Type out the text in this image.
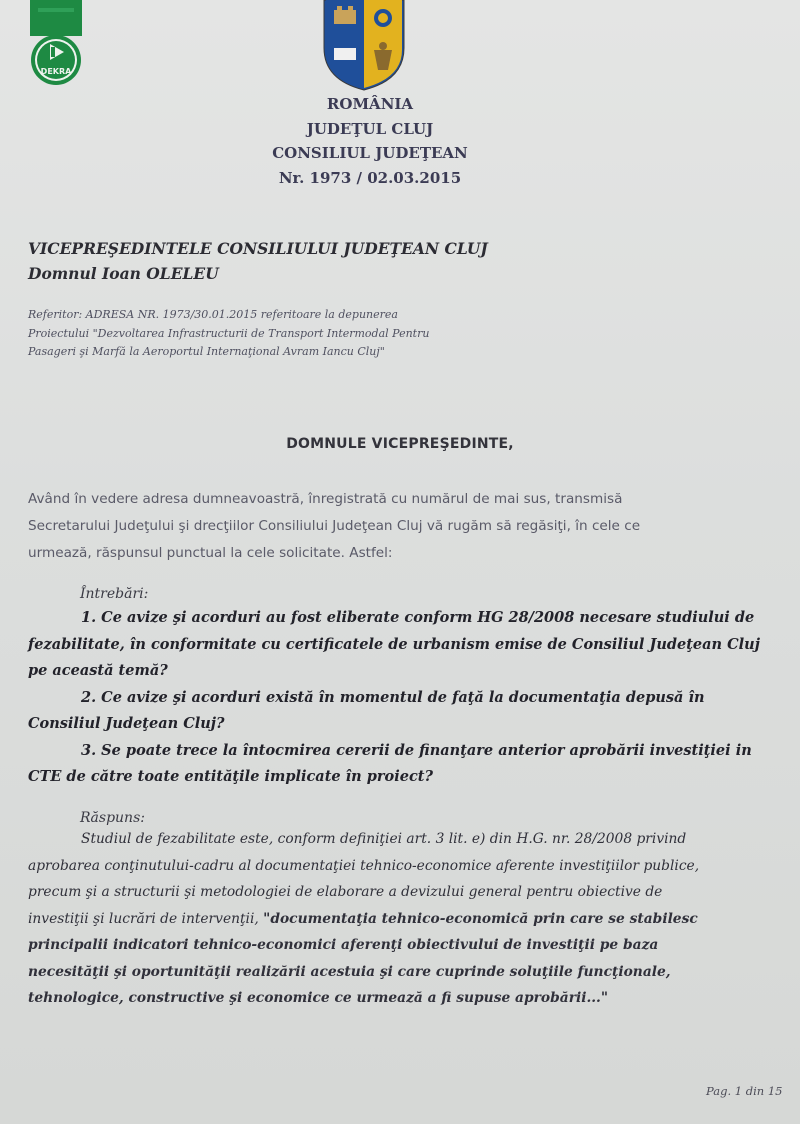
DEKRA
ROMÂNIA
JUDEŢUL CLUJ
CONSILIUL JUDEŢEAN
Nr. 1973 / 02.03.2015
VICEPREŞEDINTELE CONSILIULUI JUDEŢEAN CLUJ
Domnul Ioan OLELEU
Referitor: ADRESA NR. 1973/30.01.2015 referitoare la depunerea
Proiectului "Dezvoltarea Infrastructurii de Transport Intermodal Pentru
Pasageri şi Marfă la Aeroportul Internaţional Avram Iancu Cluj"
DOMNULE VICEPREŞEDINTE,
Având în vedere adresa dumneavoastră, înregistrată cu numărul de mai sus, transmisă
Secretarului Judeţului şi drecţiilor Consiliului Judeţean Cluj vă rugăm să regăsiţi, în cele ce
urmează, răspunsul punctual la cele solicitate. Astfel:
Întrebări:
1. Ce avize şi acorduri au fost eliberate conform HG 28/2008 necesare studiului de
fezabilitate, în conformitate cu certificatele de urbanism emise de Consiliul Judeţean Cluj
pe această temă?
2. Ce avize şi acorduri există în momentul de faţă la documentaţia depusă în
Consiliul Judeţean Cluj?
3. Se poate trece la întocmirea cererii de finanţare anterior aprobării investiţiei in
CTE de către toate entităţile implicate în proiect?
Răspuns:
Studiul de fezabilitate este, conform definiţiei art. 3 lit. e) din H.G. nr. 28/2008 privind
aprobarea conţinutului-cadru al documentaţiei tehnico-economice aferente investiţiilor publice,
precum şi a structurii şi metodologiei de elaborare a devizului general pentru obiective de
investiţii şi lucrări de intervenţii, "documentaţia tehnico-economică prin care se stabilesc
principalii indicatori tehnico-economici aferenţi obiectivului de investiţii pe baza
necesităţii şi oportunităţii realizării acestuia şi care cuprinde soluţiile funcţionale,
tehnologice, constructive şi economice ce urmează a fi supuse aprobării..."
Pag. 1 din 15
